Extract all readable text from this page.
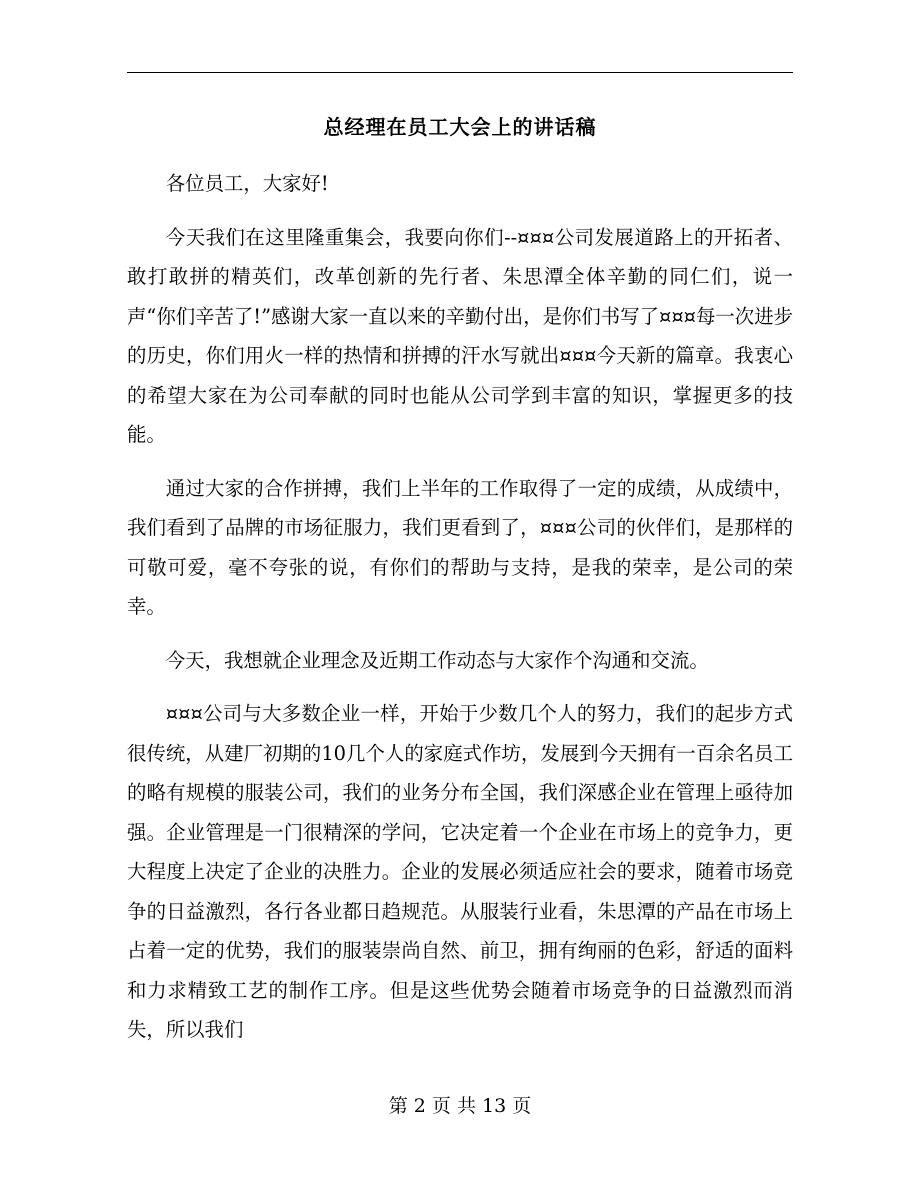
总经理在员工大会上的讲话稿

各位员工，大家好!

今天我们在这里隆重集会，我要向你们--¤¤¤公司发展道路上的开拓者、敢打敢拼的精英们，改革创新的先行者、朱思潭全体辛勤的同仁们，说一声“你们辛苦了!”感谢大家一直以来的辛勤付出，是你们书写了¤¤¤每一次进步的历史，你们用火一样的热情和拼搏的汗水写就出¤¤¤今天新的篇章。我衷心的希望大家在为公司奉献的同时也能从公司学到丰富的知识，掌握更多的技能。

通过大家的合作拼搏，我们上半年的工作取得了一定的成绩，从成绩中，我们看到了品牌的市场征服力，我们更看到了，¤¤¤公司的伙伴们，是那样的可敬可爱，毫不夸张的说，有你们的帮助与支持，是我的荣幸，是公司的荣幸。

今天，我想就企业理念及近期工作动态与大家作个沟通和交流。

¤¤¤公司与大多数企业一样，开始于少数几个人的努力，我们的起步方式很传统，从建厂初期的10几个人的家庭式作坊，发展到今天拥有一百余名员工的略有规模的服装公司，我们的业务分布全国，我们深感企业在管理上亟待加强。企业管理是一门很精深的学问，它决定着一个企业在市场上的竞争力，更大程度上决定了企业的决胜力。企业的发展必须适应社会的要求，随着市场竞争的日益激烈，各行各业都日趋规范。从服装行业看，朱思潭的产品在市场上占着一定的优势，我们的服装崇尚自然、前卫，拥有绚丽的色彩，舒适的面料和力求精致工艺的制作工序。但是这些优势会随着市场竞争的日益激烈而消失，所以我们

第 2 页 共 13 页
